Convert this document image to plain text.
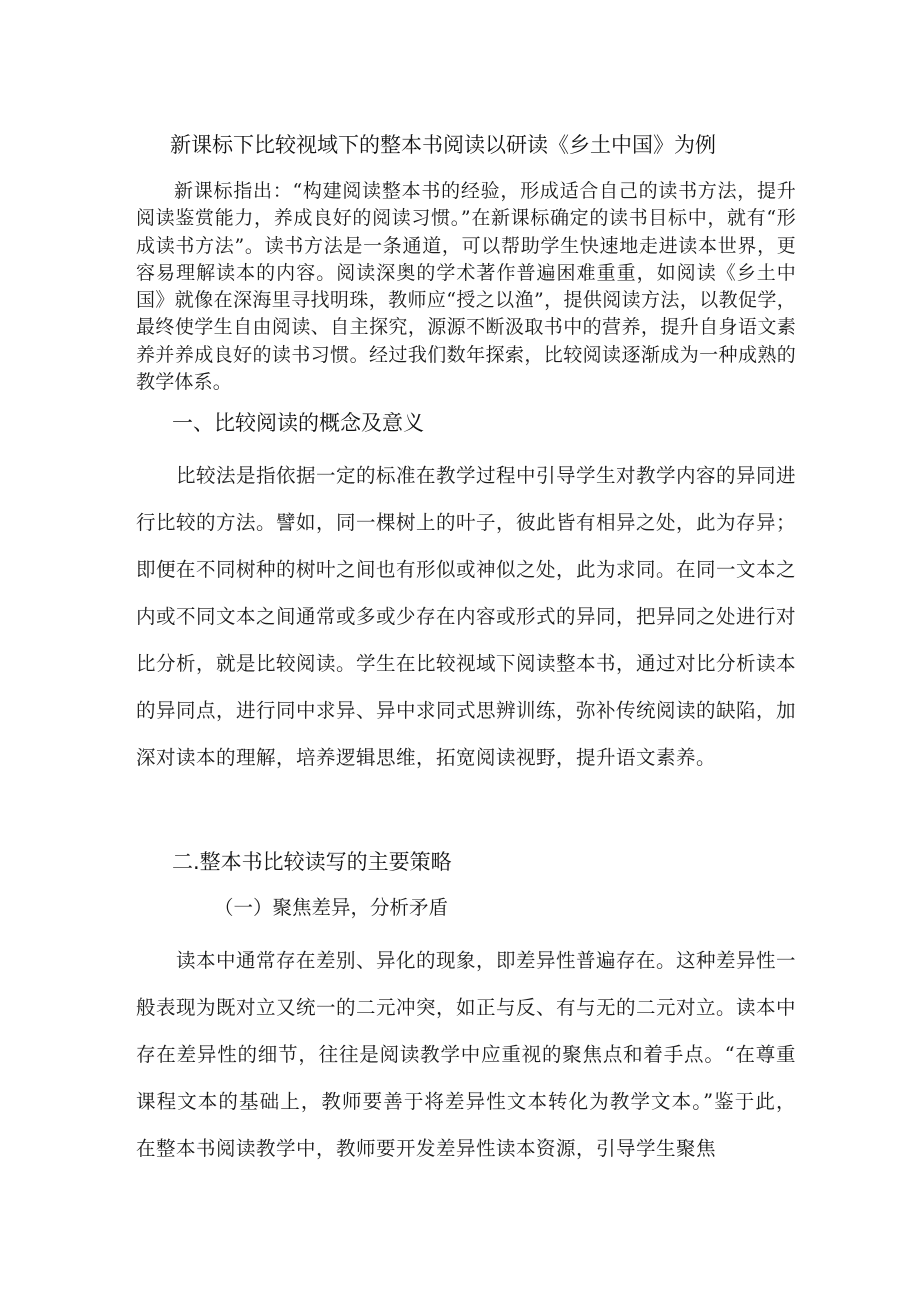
新课标下比较视域下的整本书阅读以研读《乡土中国》为例
新课标指出：“构建阅读整本书的经验，形成适合自己的读书方法，提升阅读鉴赏能力，养成良好的阅读习惯。”在新课标确定的读书目标中，就有“形成读书方法”。读书方法是一条通道，可以帮助学生快速地走进读本世界，更容易理解读本的内容。阅读深奥的学术著作普遍困难重重，如阅读《乡土中国》就像在深海里寻找明珠，教师应“授之以渔”，提供阅读方法，以教促学，最终使学生自由阅读、自主探究，源源不断汲取书中的营养，提升自身语文素养并养成良好的读书习惯。经过我们数年探索，比较阅读逐渐成为一种成熟的教学体系。
一、比较阅读的概念及意义
比较法是指依据一定的标准在教学过程中引导学生对教学内容的异同进行比较的方法。譬如，同一棵树上的叶子，彼此皆有相异之处，此为存异；即便在不同树种的树叶之间也有形似或神似之处，此为求同。在同一文本之内或不同文本之间通常或多或少存在内容或形式的异同，把异同之处进行对比分析，就是比较阅读。学生在比较视域下阅读整本书，通过对比分析读本的异同点，进行同中求异、异中求同式思辨训练，弥补传统阅读的缺陷，加深对读本的理解，培养逻辑思维，拓宽阅读视野，提升语文素养。
二.整本书比较读写的主要策略
（一）聚焦差异，分析矛盾
读本中通常存在差别、异化的现象，即差异性普遍存在。这种差异性一般表现为既对立又统一的二元冲突，如正与反、有与无的二元对立。读本中存在差异性的细节，往往是阅读教学中应重视的聚焦点和着手点。“在尊重课程文本的基础上，教师要善于将差异性文本转化为教学文本。”鉴于此，在整本书阅读教学中，教师要开发差异性读本资源，引导学生聚焦
